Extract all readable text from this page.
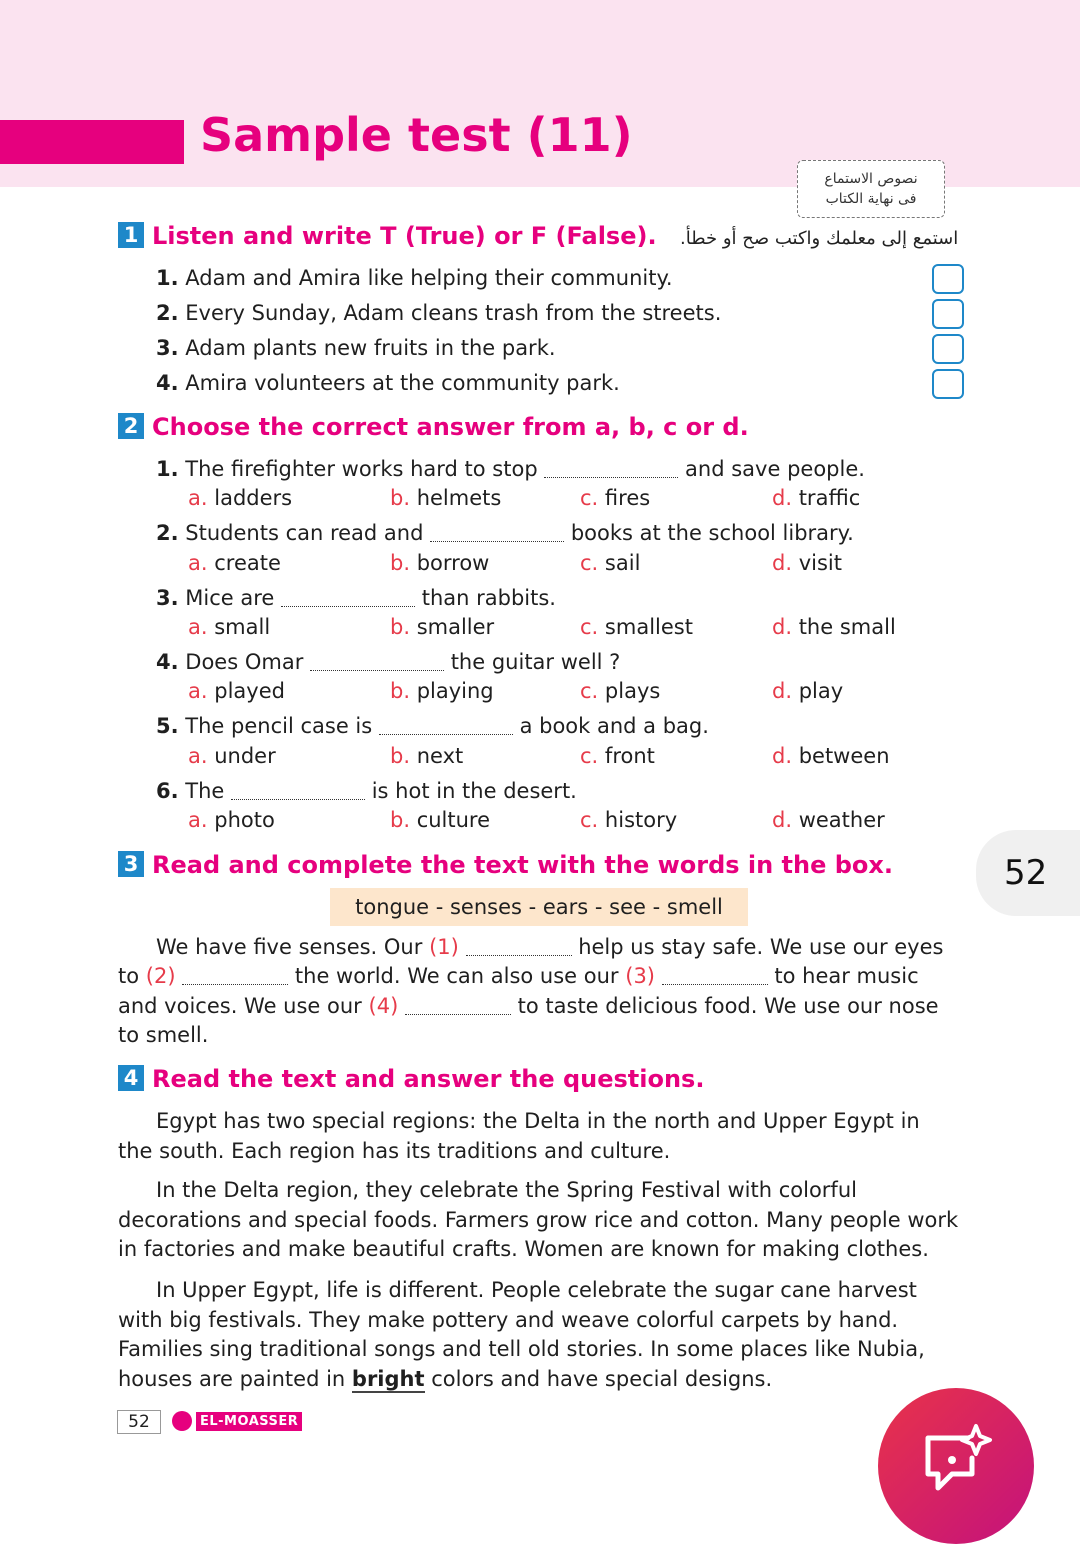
Sample test (11)
نصوص الاستماع
فى نهاية الكتاب
1 Listen and write T (True) or F (False). استمع إلى معلمك واكتب صح أو خطأ.
1. Adam and Amira like helping their community.
2. Every Sunday, Adam cleans trash from the streets.
3. Adam plants new fruits in the park.
4. Amira volunteers at the community park.
2 Choose the correct answer from a, b, c or d.
1. The firefighter works hard to stop	and save people.
a. ladders	b. helmets	c. fires	d. traffic
2. Students can read and	books at the school library.
a. create	b. borrow	c. sail	d. visit
3. Mice are	than rabbits.
a. small	b. smaller	c. smallest	d. the small
4. Does Omar	the guitar well ?
a. played	b. playing	c. plays	d. play
5. The pencil case is	a book and a bag.
a. under	b. next	c. front	d. between
6. The	is hot in the desert.
a. photo	b. culture	c. history	d. weather
3 Read and complete the text with the words in the box.
tongue - senses - ears - see - smell
We have five senses. Our (1)	help us stay safe. We use our eyes
to (2)	the world. We can also use our (3)	to hear music
and voices. We use our (4)	to taste delicious food. We use our nose
to smell.
4 Read the text and answer the questions.
Egypt has two special regions: the Delta in the north and Upper Egypt in
the south. Each region has its traditions and culture.
In the Delta region, they celebrate the Spring Festival with colorful
decorations and special foods. Farmers grow rice and cotton. Many people work
in factories and make beautiful crafts. Women are known for making clothes.
In Upper Egypt, life is different. People celebrate the sugar cane harvest
with big festivals. They make pottery and weave colorful carpets by hand.
Families sing traditional songs and tell old stories. In some places like Nubia,
houses are painted in bright colors and have special designs.
52
52	EL-MOASSER
